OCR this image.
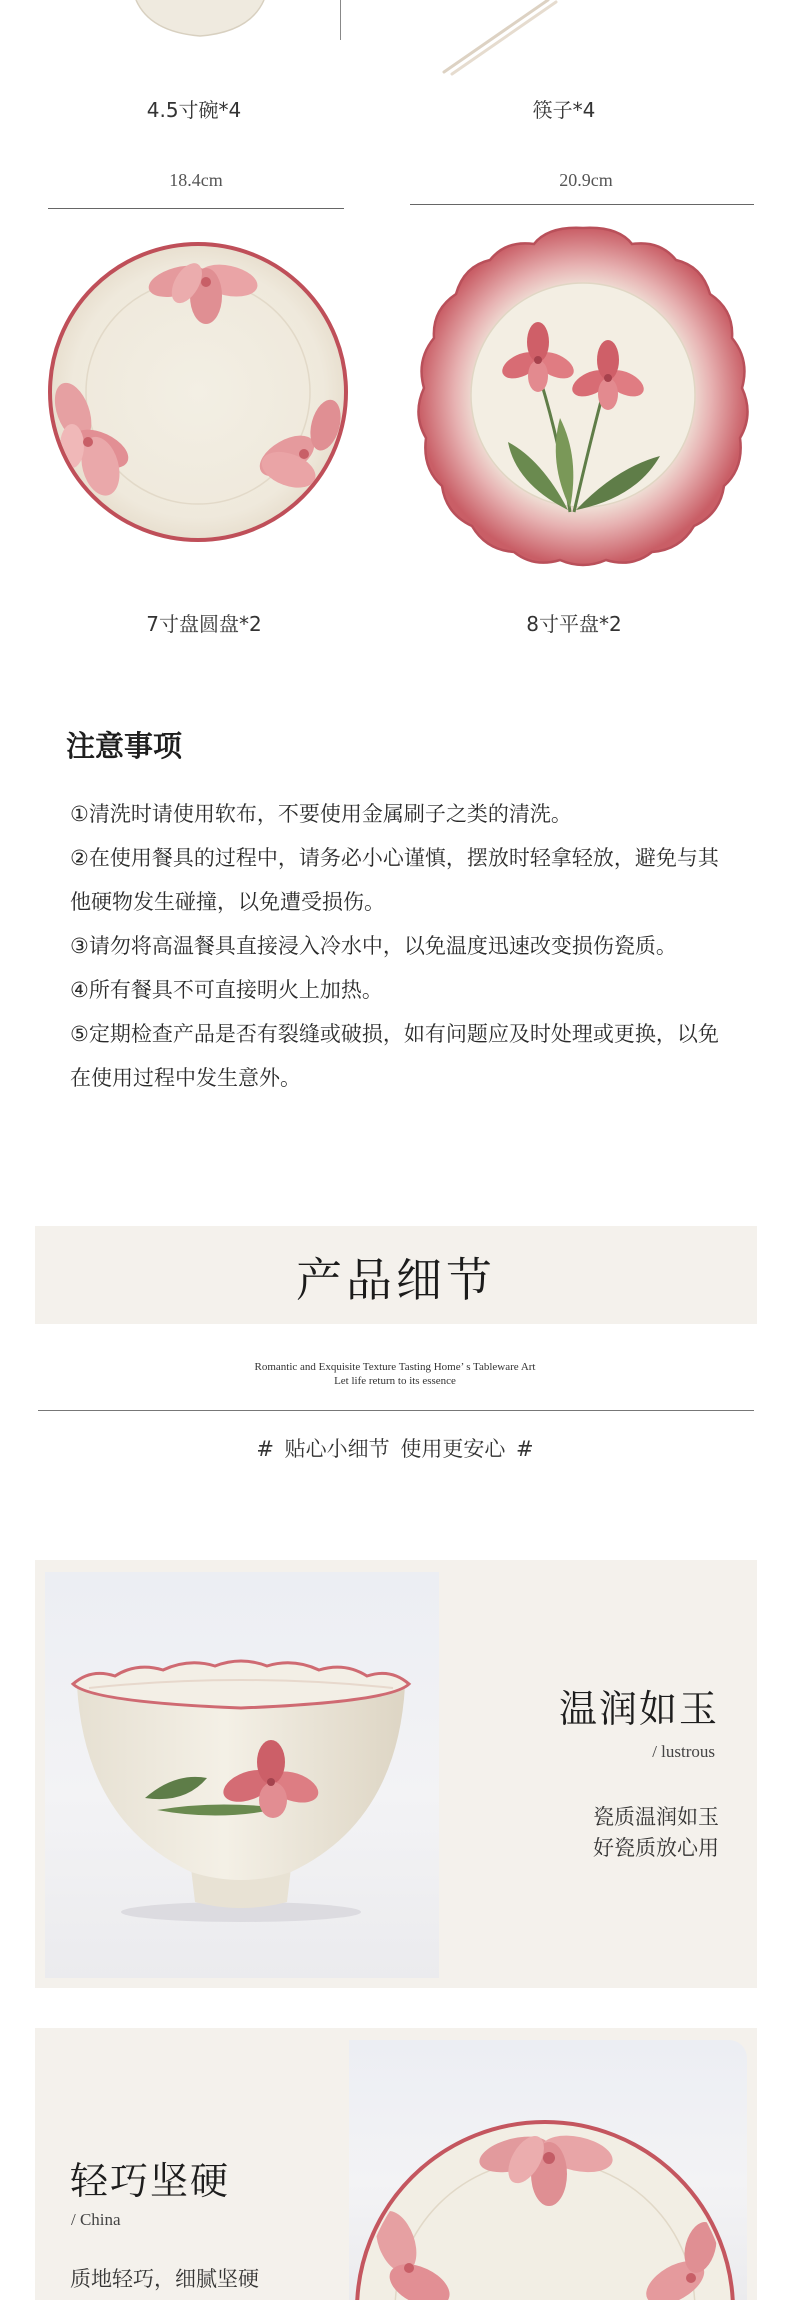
4.5寸碗*4	筷子*4
18.4cm	20.9cm
7寸盘圆盘*2	8寸平盘*2
注意事项

①清洗时请使用软布，不要使用金属刷子之类的清洗。

②在使用餐具的过程中，请务必小心谨慎，摆放时轻拿轻放，避免与其

他硬物发生碰撞，以免遭受损伤。

③请勿将高温餐具直接浸入冷水中，以免温度迅速改变损伤瓷质。

④所有餐具不可直接明火上加热。

⑤定期检查产品是否有裂缝或破损，如有问题应及时处理或更换，以免

在使用过程中发生意外。

产品细节
Romantic and Exquisite Texture Tasting Home’ s Tableware Art
Let life return to its essence
# 贴心小细节 使用更安心 #
温润如玉
/ lustrous
瓷质温润如玉
好瓷质放心用
轻巧坚硬
/ China
质地轻巧，细腻坚硬
